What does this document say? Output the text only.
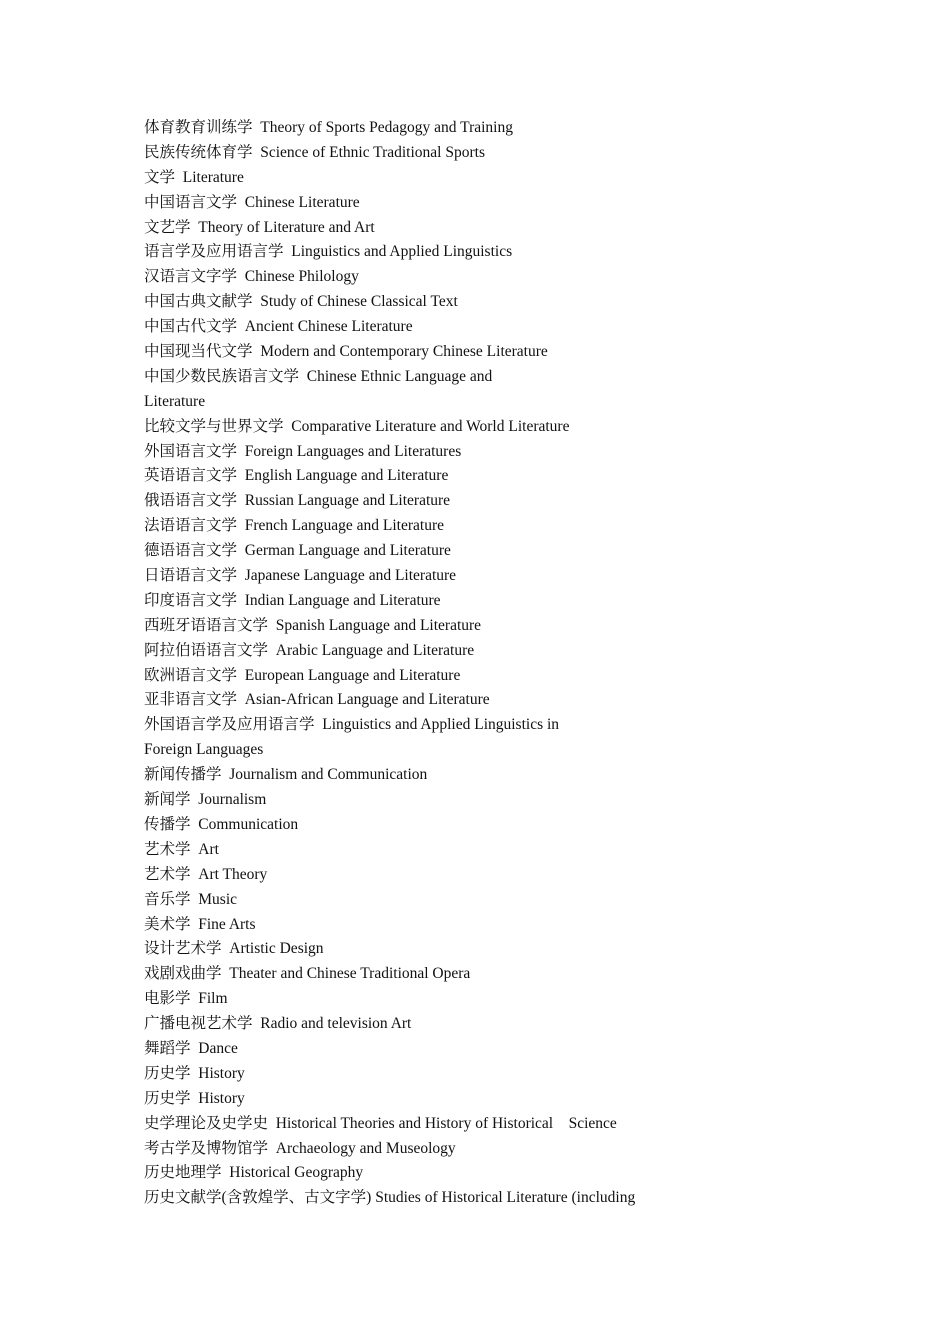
体育教育训练学  Theory of Sports Pedagogy and Training
民族传统体育学  Science of Ethnic Traditional Sports
文学  Literature
中国语言文学  Chinese Literature
文艺学  Theory of Literature and Art
语言学及应用语言学  Linguistics and Applied Linguistics
汉语言文字学  Chinese Philology
中国古典文献学  Study of Chinese Classical Text
中国古代文学  Ancient Chinese Literature
中国现当代文学  Modern and Contemporary Chinese Literature
中国少数民族语言文学  Chinese Ethnic Language and
Literature
比较文学与世界文学  Comparative Literature and World Literature
外国语言文学  Foreign Languages and Literatures
英语语言文学  English Language and Literature
俄语语言文学  Russian Language and Literature
法语语言文学  French Language and Literature
德语语言文学  German Language and Literature
日语语言文学  Japanese Language and Literature
印度语言文学  Indian Language and Literature
西班牙语语言文学  Spanish Language and Literature
阿拉伯语语言文学  Arabic Language and Literature
欧洲语言文学  European Language and Literature
亚非语言文学  Asian-African Language and Literature
外国语言学及应用语言学  Linguistics and Applied Linguistics in
Foreign Languages
新闻传播学  Journalism and Communication
新闻学  Journalism
传播学  Communication
艺术学  Art
艺术学  Art Theory
音乐学  Music
美术学  Fine Arts
设计艺术学  Artistic Design
戏剧戏曲学  Theater and Chinese Traditional Opera
电影学  Film
广播电视艺术学  Radio and television Art
舞蹈学  Dance
历史学  History
历史学  History
史学理论及史学史  Historical Theories and History of Historical    Science
考古学及博物馆学  Archaeology and Museology
历史地理学  Historical Geography
历史文献学(含敦煌学、古文字学) Studies of Historical Literature (including
